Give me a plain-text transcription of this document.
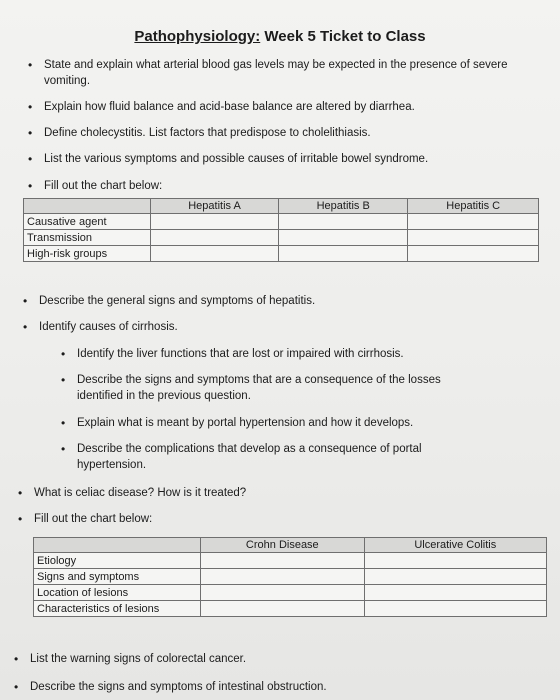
Pathophysiology: Week 5 Ticket to Class
• State and explain what arterial blood gas levels may be expected in the presence of severe vomiting.
• Explain how fluid balance and acid-base balance are altered by diarrhea.
• Define cholecystitis. List factors that predispose to cholelithiasis.
• List the various symptoms and possible causes of irritable bowel syndrome.
• Fill out the chart below:
	Hepatitis A	Hepatitis B	Hepatitis C
Causative agent			
Transmission			
High-risk groups			
• Describe the general signs and symptoms of hepatitis.
• Identify causes of cirrhosis.
• Identify the liver functions that are lost or impaired with cirrhosis.
• Describe the signs and symptoms that are a consequence of the losses identified in the previous question.
• Explain what is meant by portal hypertension and how it develops.
• Describe the complications that develop as a consequence of portal hypertension.
• What is celiac disease? How is it treated?
• Fill out the chart below:
	Crohn Disease	Ulcerative Colitis
Etiology		
Signs and symptoms		
Location of lesions		
Characteristics of lesions		
• List the warning signs of colorectal cancer.
• Describe the signs and symptoms of intestinal obstruction.
